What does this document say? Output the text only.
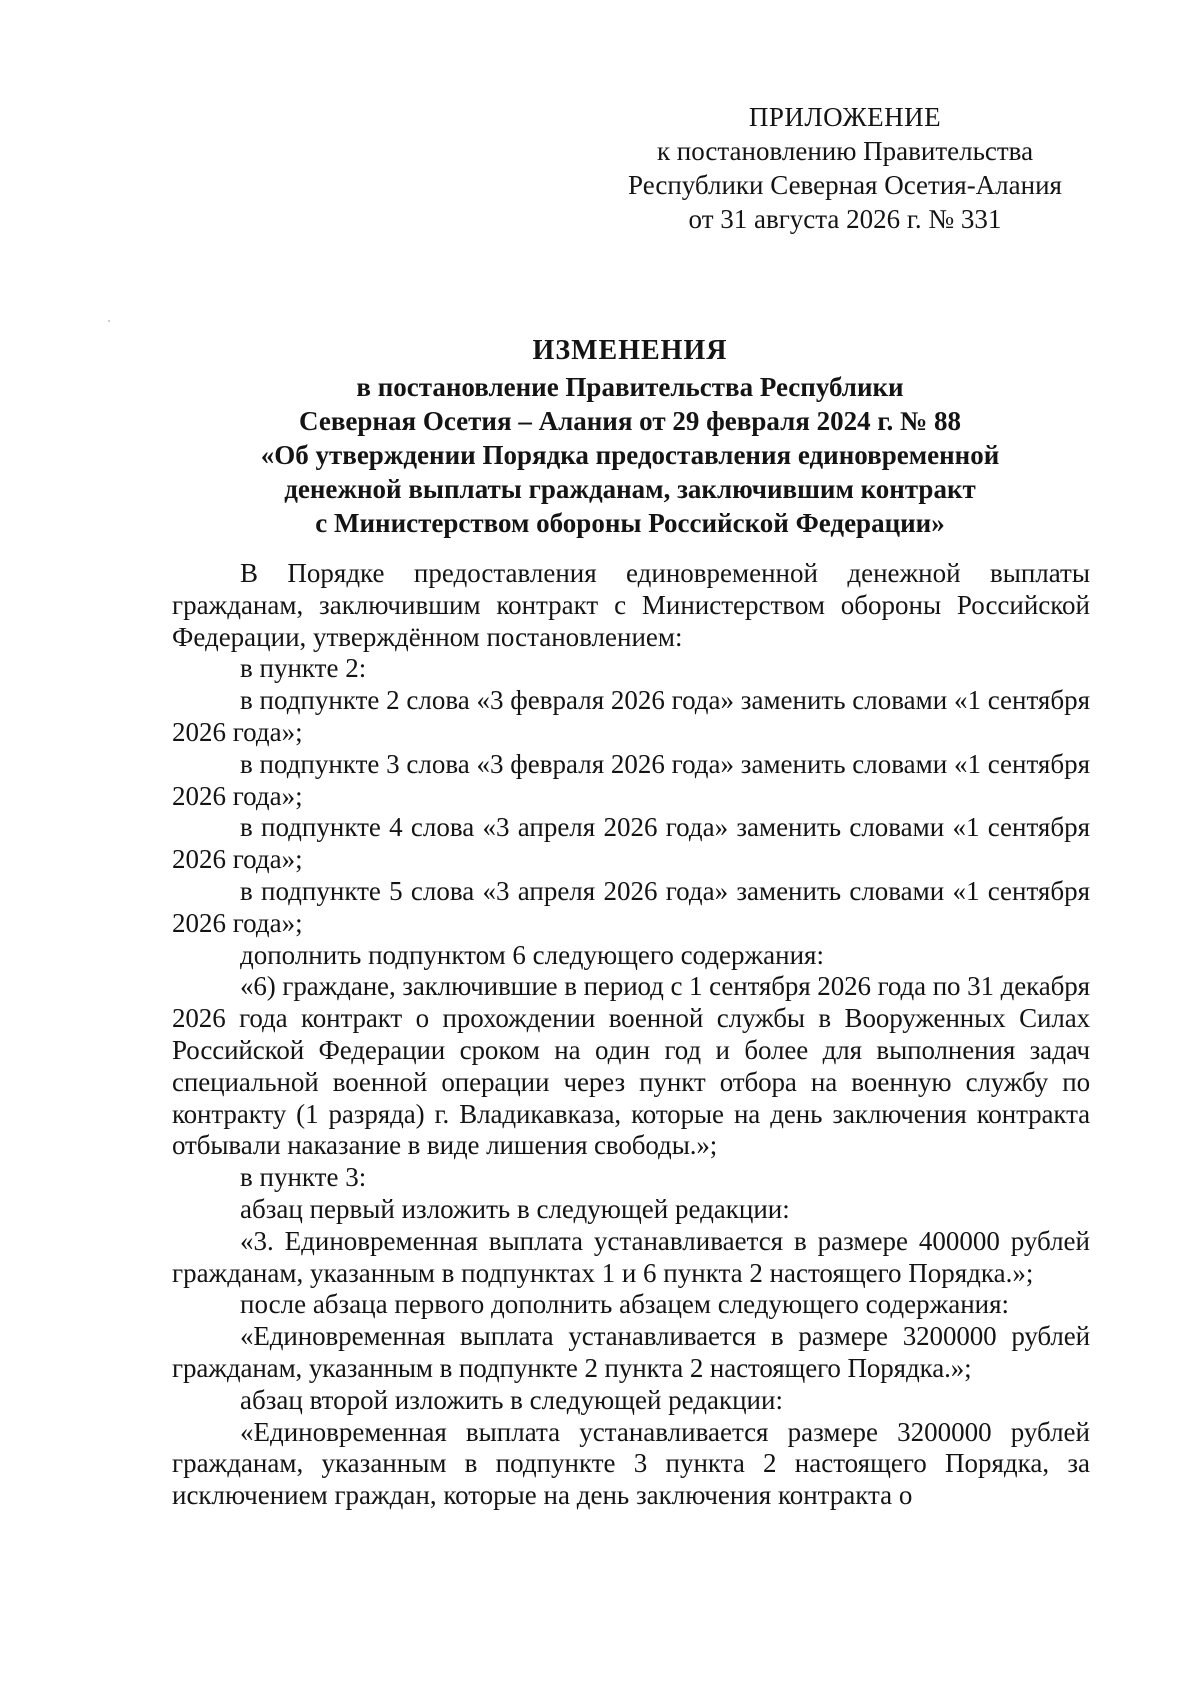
ПРИЛОЖЕНИЕ
к постановлению Правительства
Республики Северная Осетия-Алания
от 31 августа 2026 г. № 331
ИЗМЕНЕНИЯ
в постановление Правительства Республики
Северная Осетия – Алания от 29 февраля 2024 г. № 88
«Об утверждении Порядка предоставления единовременной
денежной выплаты гражданам, заключившим контракт
с Министерством обороны Российской Федерации»

В Порядке предоставления единовременной денежной выплаты гражданам, заключившим контракт с Министерством обороны Российской Федерации, утверждённом постановлением:

в пункте 2:

в подпункте 2 слова «3 февраля 2026 года» заменить словами «1 сентября 2026 года»;

в подпункте 3 слова «3 февраля 2026 года» заменить словами «1 сентября 2026 года»;

в подпункте 4 слова «3 апреля 2026 года» заменить словами «1 сентября 2026 года»;

в подпункте 5 слова «3 апреля 2026 года» заменить словами «1 сентября 2026 года»;

дополнить подпунктом 6 следующего содержания:

«6) граждане, заключившие в период с 1 сентября 2026 года по 31 декабря 2026 года контракт о прохождении военной службы в Вооруженных Силах Российской Федерации сроком на один год и более для выполнения задач специальной военной операции через пункт отбора на военную службу по контракту (1 разряда) г. Владикавказа, которые на день заключения контракта отбывали наказание в виде лишения свободы.»;

в пункте 3:

абзац первый изложить в следующей редакции:

«3. Единовременная выплата устанавливается в размере 400000 рублей гражданам, указанным в подпунктах 1 и 6 пункта 2 настоящего Порядка.»;

после абзаца первого дополнить абзацем следующего содержания:

«Единовременная выплата устанавливается в размере 3200000 рублей гражданам, указанным в подпункте 2 пункта 2 настоящего Порядка.»;

абзац второй изложить в следующей редакции:

«Единовременная выплата устанавливается размере 3200000 рублей гражданам, указанным в подпункте 3 пункта 2 настоящего Порядка, за исключением граждан, которые на день заключения контракта о
